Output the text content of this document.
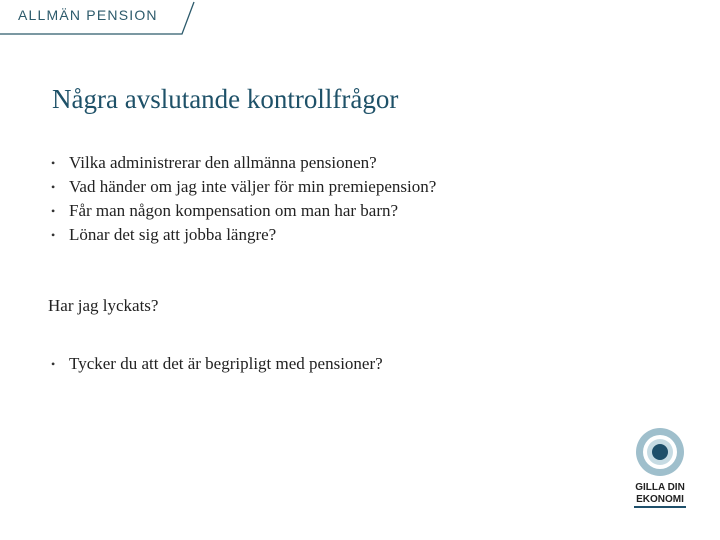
ALLMÄN PENSION
Några avslutande kontrollfrågor
• Vilka administrerar den allmänna pensionen?
• Vad händer om jag inte väljer för min premiepension?
• Får man någon kompensation om man har barn?
• Lönar det sig att jobba längre?
Har jag lyckats?
• Tycker du att det är begripligt med pensioner?
GILLA DIN
EKONOMI
